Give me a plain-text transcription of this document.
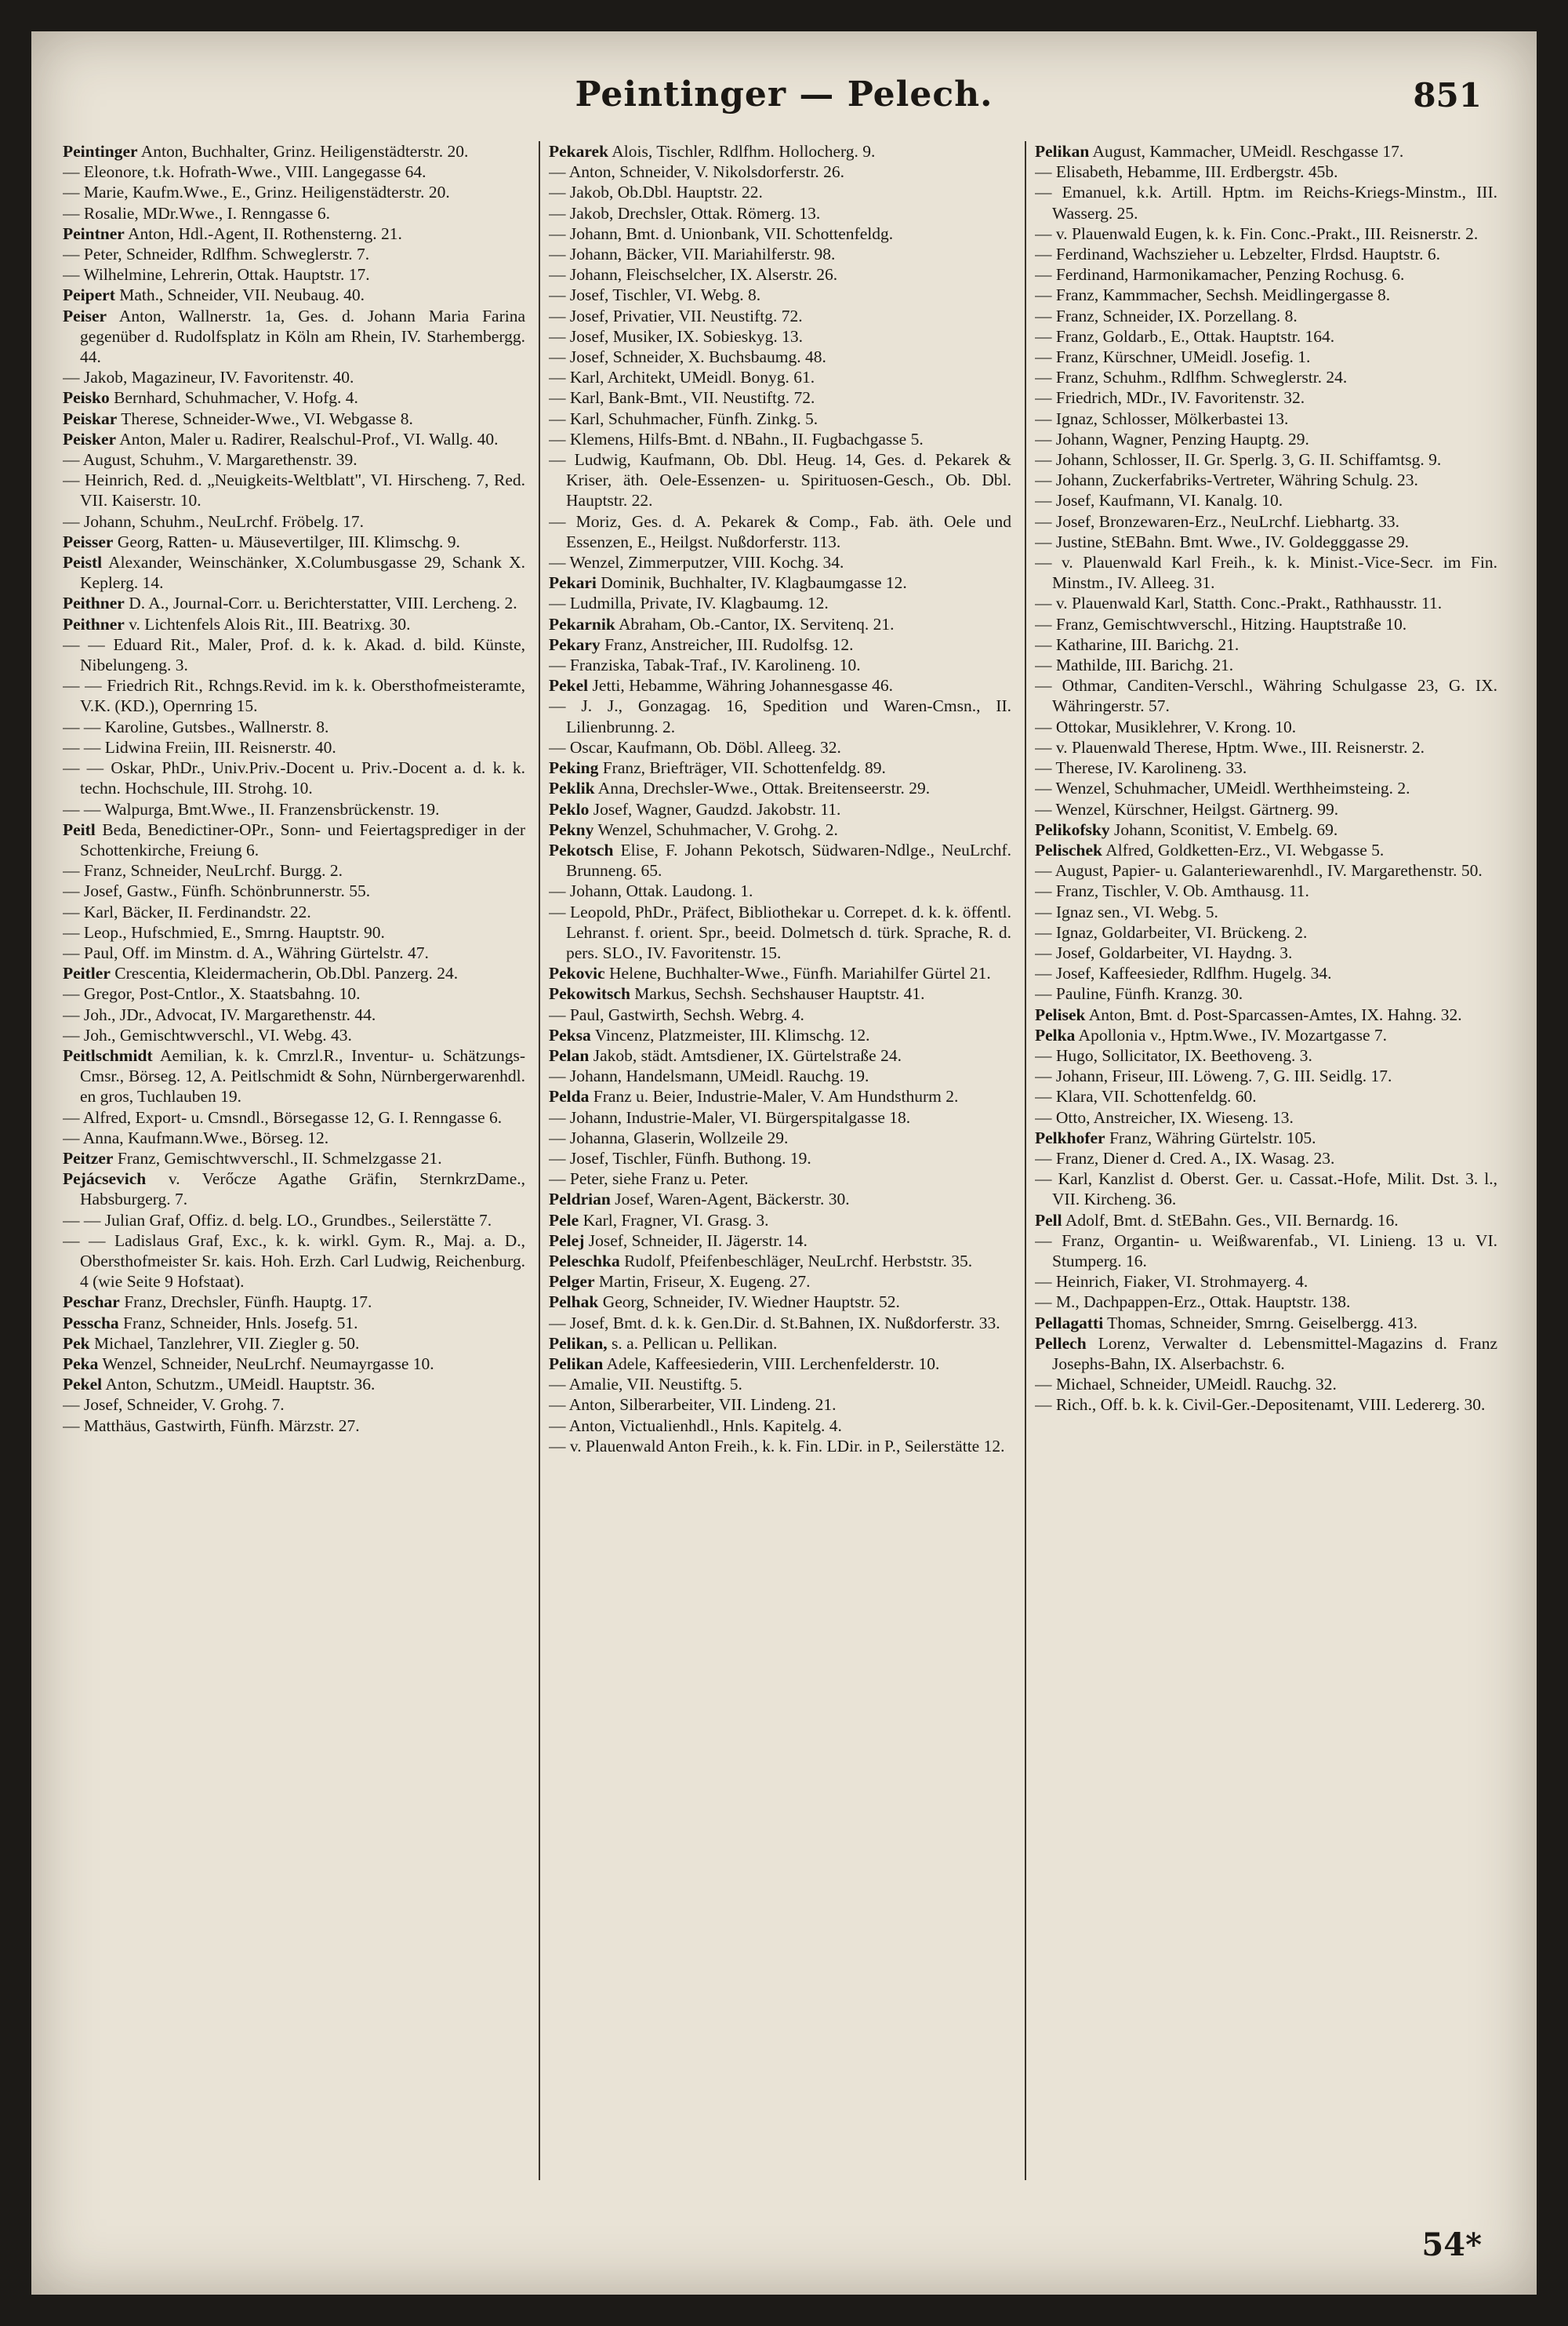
Peintinger — Pelech.	851
Peintinger Anton, Buchhalter, Grinz. Heiligenstädterstr. 20.
— Eleonore, t.k. Hofrath-Wwe., VIII. Langegasse 64.
— Marie, Kaufm.Wwe., E., Grinz. Heiligenstädterstr. 20.
— Rosalie, MDr.Wwe., I. Renngasse 6.
Peintner Anton, Hdl.-Agent, II. Rothensterng. 21.
— Peter, Schneider, Rdlfhm. Schweglerstr. 7.
— Wilhelmine, Lehrerin, Ottak. Hauptstr. 17.
Peipert Math., Schneider, VII. Neubaug. 40.
Peiser Anton, Wallnerstr. 1a, Ges. d. Johann Maria Farina gegenüber d. Rudolfsplatz in Köln am Rhein, IV. Starhembergg. 44.
— Jakob, Magazineur, IV. Favoritenstr. 40.
Peisko Bernhard, Schuhmacher, V. Hofg. 4.
Peiskar Therese, Schneider-Wwe., VI. Webgasse 8.
Peisker Anton, Maler u. Radirer, Realschul-Prof., VI. Wallg. 40.
— August, Schuhm., V. Margarethenstr. 39.
— Heinrich, Red. d. „Neuigkeits-Weltblatt", VI. Hirscheng. 7, Red. VII. Kaiserstr. 10.
— Johann, Schuhm., NeuLrchf. Fröbelg. 17.
Peisser Georg, Ratten- u. Mäusevertilger, III. Klimschg. 9.
Peistl Alexander, Weinschänker, X.Columbusgasse 29, Schank X. Keplerg. 14.
Peithner D. A., Journal-Corr. u. Berichterstatter, VIII. Lercheng. 2.
Peithner v. Lichtenfels Alois Rit., III. Beatrixg. 30.
— — Eduard Rit., Maler, Prof. d. k. k. Akad. d. bild. Künste, Nibelungeng. 3.
— — Friedrich Rit., Rchngs.Revid. im k. k. Obersthofmeisteramte, V.K. (KD.), Opernring 15.
— — Karoline, Gutsbes., Wallnerstr. 8.
— — Lidwina Freiin, III. Reisnerstr. 40.
— — Oskar, PhDr., Univ.Priv.-Docent u. Priv.-Docent a. d. k. k. techn. Hochschule, III. Strohg. 10.
— — Walpurga, Bmt.Wwe., II. Franzensbrückenstr. 19.
Peitl Beda, Benedictiner-OPr., Sonn- und Feiertagsprediger in der Schottenkirche, Freiung 6.
— Franz, Schneider, NeuLrchf. Burgg. 2.
— Josef, Gastw., Fünfh. Schönbrunnerstr. 55.
— Karl, Bäcker, II. Ferdinandstr. 22.
— Leop., Hufschmied, E., Smrng. Hauptstr. 90.
— Paul, Off. im Minstm. d. A., Währing Gürtelstr. 47.
Peitler Crescentia, Kleidermacherin, Ob.Dbl. Panzerg. 24.
— Gregor, Post-Cntlor., X. Staatsbahng. 10.
— Joh., JDr., Advocat, IV. Margarethenstr. 44.
— Joh., Gemischtwverschl., VI. Webg. 43.
Peitlschmidt Aemilian, k. k. Cmrzl.R., Inventur- u. Schätzungs-Cmsr., Börseg. 12, A. Peitlschmidt & Sohn, Nürnbergerwarenhdl. en gros, Tuchlauben 19.
— Alfred, Export- u. Cmsndl., Börsegasse 12, G. I. Renngasse 6.
— Anna, Kaufmann.Wwe., Börseg. 12.
Peitzer Franz, Gemischtwverschl., II. Schmelzgasse 21.
Pejácsevich v. Verőcze Agathe Gräfin, SternkrzDame., Habsburgerg. 7.
— — Julian Graf, Offiz. d. belg. LO., Grundbes., Seilerstätte 7.
— — Ladislaus Graf, Exc., k. k. wirkl. Gym. R., Maj. a. D., Obersthofmeister Sr. kais. Hoh. Erzh. Carl Ludwig, Reichenburg. 4 (wie Seite 9 Hofstaat).
Peschar Franz, Drechsler, Fünfh. Hauptg. 17.
Pesscha Franz, Schneider, Hnls. Josefg. 51.
Pek Michael, Tanzlehrer, VII. Ziegler g. 50.
Peka Wenzel, Schneider, NeuLrchf. Neumayrgasse 10.
Pekel Anton, Schutzm., UMeidl. Hauptstr. 36.
— Josef, Schneider, V. Grohg. 7.
— Matthäus, Gastwirth, Fünfh. Märzstr. 27.
Pekarek Alois, Tischler, Rdlfhm. Hollocherg. 9.
— Anton, Schneider, V. Nikolsdorferstr. 26.
— Jakob, Ob.Dbl. Hauptstr. 22.
— Jakob, Drechsler, Ottak. Römerg. 13.
— Johann, Bmt. d. Unionbank, VII. Schottenfeldg.
— Johann, Bäcker, VII. Mariahilferstr. 98.
— Johann, Fleischselcher, IX. Alserstr. 26.
— Josef, Tischler, VI. Webg. 8.
— Josef, Privatier, VII. Neustiftg. 72.
— Josef, Musiker, IX. Sobieskyg. 13.
— Josef, Schneider, X. Buchsbaumg. 48.
— Karl, Architekt, UMeidl. Bonyg. 61.
— Karl, Bank-Bmt., VII. Neustiftg. 72.
— Karl, Schuhmacher, Fünfh. Zinkg. 5.
— Klemens, Hilfs-Bmt. d. NBahn., II. Fugbachgasse 5.
— Ludwig, Kaufmann, Ob. Dbl. Heug. 14, Ges. d. Pekarek & Kriser, äth. Oele-Essenzen- u. Spirituosen-Gesch., Ob. Dbl. Hauptstr. 22.
— Moriz, Ges. d. A. Pekarek & Comp., Fab. äth. Oele und Essenzen, E., Heilgst. Nußdorferstr. 113.
— Wenzel, Zimmerputzer, VIII. Kochg. 34.
Pekari Dominik, Buchhalter, IV. Klagbaumgasse 12.
— Ludmilla, Private, IV. Klagbaumg. 12.
Pekarnik Abraham, Ob.-Cantor, IX. Servitenq. 21.
Pekary Franz, Anstreicher, III. Rudolfsg. 12.
— Franziska, Tabak-Traf., IV. Karolineng. 10.
Pekel Jetti, Hebamme, Währing Johannesgasse 46.
— J. J., Gonzagag. 16, Spedition und Waren-Cmsn., II. Lilienbrunng. 2.
— Oscar, Kaufmann, Ob. Döbl. Alleeg. 32.
Peking Franz, Briefträger, VII. Schottenfeldg. 89.
Peklik Anna, Drechsler-Wwe., Ottak. Breitenseerstr. 29.
Peklo Josef, Wagner, Gaudzd. Jakobstr. 11.
Pekny Wenzel, Schuhmacher, V. Grohg. 2.
Pekotsch Elise, F. Johann Pekotsch, Südwaren-Ndlge., NeuLrchf. Brunneng. 65.
— Johann, Ottak. Laudong. 1.
— Leopold, PhDr., Präfect, Bibliothekar u. Correpet. d. k. k. öffentl. Lehranst. f. orient. Spr., beeid. Dolmetsch d. türk. Sprache, R. d. pers. SLO., IV. Favoritenstr. 15.
Pekovic Helene, Buchhalter-Wwe., Fünfh. Mariahilfer Gürtel 21.
Pekowitsch Markus, Sechsh. Sechshauser Hauptstr. 41.
— Paul, Gastwirth, Sechsh. Webrg. 4.
Peksa Vincenz, Platzmeister, III. Klimschg. 12.
Pelan Jakob, städt. Amtsdiener, IX. Gürtelstraße 24.
— Johann, Handelsmann, UMeidl. Rauchg. 19.
Pelda Franz u. Beier, Industrie-Maler, V. Am Hundsthurm 2.
— Johann, Industrie-Maler, VI. Bürgerspitalgasse 18.
— Johanna, Glaserin, Wollzeile 29.
— Josef, Tischler, Fünfh. Buthong. 19.
— Peter, siehe Franz u. Peter.
Peldrian Josef, Waren-Agent, Bäckerstr. 30.
Pele Karl, Fragner, VI. Grasg. 3.
Pelej Josef, Schneider, II. Jägerstr. 14.
Peleschka Rudolf, Pfeifenbeschläger, NeuLrchf. Herbststr. 35.
Pelger Martin, Friseur, X. Eugeng. 27.
Pelhak Georg, Schneider, IV. Wiedner Hauptstr. 52.
— Josef, Bmt. d. k. k. Gen.Dir. d. St.Bahnen, IX. Nußdorferstr. 33.
Pelikan, s. a. Pellican u. Pellikan.
Pelikan Adele, Kaffeesiederin, VIII. Lerchenfelderstr. 10.
— Amalie, VII. Neustiftg. 5.
— Anton, Silberarbeiter, VII. Lindeng. 21.
— Anton, Victualienhdl., Hnls. Kapitelg. 4.
— v. Plauenwald Anton Freih., k. k. Fin. LDir. in P., Seilerstätte 12.
Pelikan August, Kammacher, UMeidl. Reschgasse 17.
— Elisabeth, Hebamme, III. Erdbergstr. 45b.
— Emanuel, k.k. Artill. Hptm. im Reichs-Kriegs-Minstm., III. Wasserg. 25.
— v. Plauenwald Eugen, k. k. Fin. Conc.-Prakt., III. Reisnerstr. 2.
— Ferdinand, Wachszieher u. Lebzelter, Flrdsd. Hauptstr. 6.
— Ferdinand, Harmonikamacher, Penzing Rochusg. 6.
— Franz, Kammmacher, Sechsh. Meidlingergasse 8.
— Franz, Schneider, IX. Porzellang. 8.
— Franz, Goldarb., E., Ottak. Hauptstr. 164.
— Franz, Kürschner, UMeidl. Josefig. 1.
— Franz, Schuhm., Rdlfhm. Schweglerstr. 24.
— Friedrich, MDr., IV. Favoritenstr. 32.
— Ignaz, Schlosser, Mölkerbastei 13.
— Johann, Wagner, Penzing Hauptg. 29.
— Johann, Schlosser, II. Gr. Sperlg. 3, G. II. Schiffamtsg. 9.
— Johann, Zuckerfabriks-Vertreter, Währing Schulg. 23.
— Josef, Kaufmann, VI. Kanalg. 10.
— Josef, Bronzewaren-Erz., NeuLrchf. Liebhartg. 33.
— Justine, StEBahn. Bmt. Wwe., IV. Goldegggasse 29.
— v. Plauenwald Karl Freih., k. k. Minist.-Vice-Secr. im Fin. Minstm., IV. Alleeg. 31.
— v. Plauenwald Karl, Statth. Conc.-Prakt., Rathhausstr. 11.
— Franz, Gemischtwverschl., Hitzing. Hauptstraße 10.
— Katharine, III. Barichg. 21.
— Mathilde, III. Barichg. 21.
— Othmar, Canditen-Verschl., Währing Schulgasse 23, G. IX. Währingerstr. 57.
— Ottokar, Musiklehrer, V. Krong. 10.
— v. Plauenwald Therese, Hptm. Wwe., III. Reisnerstr. 2.
— Therese, IV. Karolineng. 33.
— Wenzel, Schuhmacher, UMeidl. Werthheimsteing. 2.
— Wenzel, Kürschner, Heilgst. Gärtnerg. 99.
Pelikofsky Johann, Sconitist, V. Embelg. 69.
Pelischek Alfred, Goldketten-Erz., VI. Webgasse 5.
— August, Papier- u. Galanteriewarenhdl., IV. Margarethenstr. 50.
— Franz, Tischler, V. Ob. Amthausg. 11.
— Ignaz sen., VI. Webg. 5.
— Ignaz, Goldarbeiter, VI. Brückeng. 2.
— Josef, Goldarbeiter, VI. Haydng. 3.
— Josef, Kaffeesieder, Rdlfhm. Hugelg. 34.
— Pauline, Fünfh. Kranzg. 30.
Pelisek Anton, Bmt. d. Post-Sparcassen-Amtes, IX. Hahng. 32.
Pelka Apollonia v., Hptm.Wwe., IV. Mozartgasse 7.
— Hugo, Sollicitator, IX. Beethoveng. 3.
— Johann, Friseur, III. Löweng. 7, G. III. Seidlg. 17.
— Klara, VII. Schottenfeldg. 60.
— Otto, Anstreicher, IX. Wieseng. 13.
Pelkhofer Franz, Währing Gürtelstr. 105.
— Franz, Diener d. Cred. A., IX. Wasag. 23.
— Karl, Kanzlist d. Oberst. Ger. u. Cassat.-Hofe, Milit. Dst. 3. l., VII. Kircheng. 36.
Pell Adolf, Bmt. d. StEBahn. Ges., VII. Bernardg. 16.
— Franz, Organtin- u. Weißwarenfab., VI. Linieng. 13 u. VI. Stumperg. 16.
— Heinrich, Fiaker, VI. Strohmayerg. 4.
— M., Dachpappen-Erz., Ottak. Hauptstr. 138.
Pellagatti Thomas, Schneider, Smrng. Geiselbergg. 413.
Pellech Lorenz, Verwalter d. Lebensmittel-Magazins d. Franz Josephs-Bahn, IX. Alserbachstr. 6.
— Michael, Schneider, UMeidl. Rauchg. 32.
— Rich., Off. b. k. k. Civil-Ger.-Depositenamt, VIII. Ledererg. 30.
54*
